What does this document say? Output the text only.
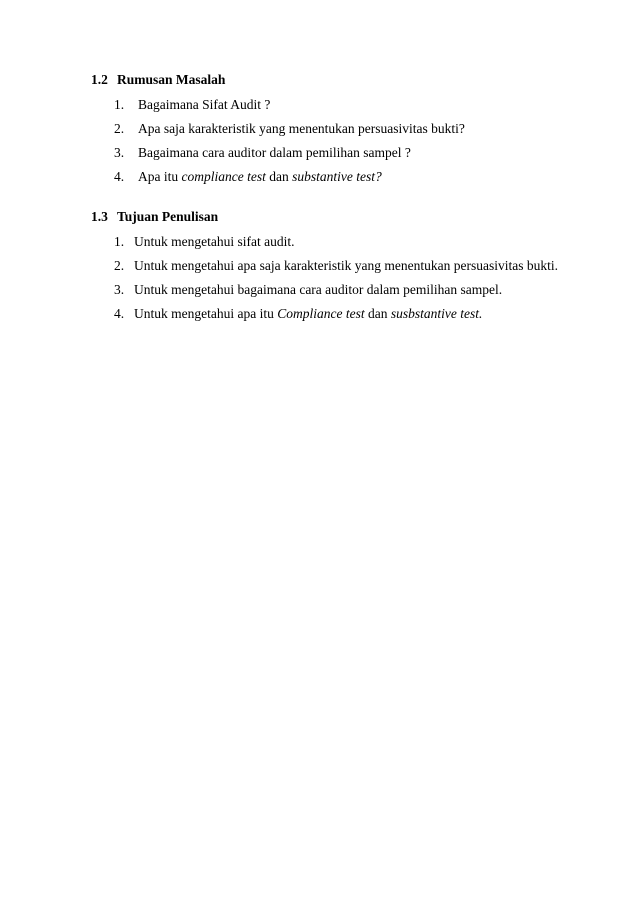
1.2 Rumusan Masalah
1. Bagaimana Sifat Audit ?
2. Apa saja karakteristik yang menentukan persuasivitas bukti?
3. Bagaimana cara auditor dalam pemilihan sampel ?
4. Apa itu compliance test dan substantive test?
1.3 Tujuan Penulisan
1. Untuk mengetahui sifat audit.
2. Untuk mengetahui apa saja karakteristik yang menentukan persuasivitas bukti.
3. Untuk mengetahui bagaimana cara auditor dalam pemilihan sampel.
4. Untuk mengetahui apa itu Compliance test dan susbstantive test.
